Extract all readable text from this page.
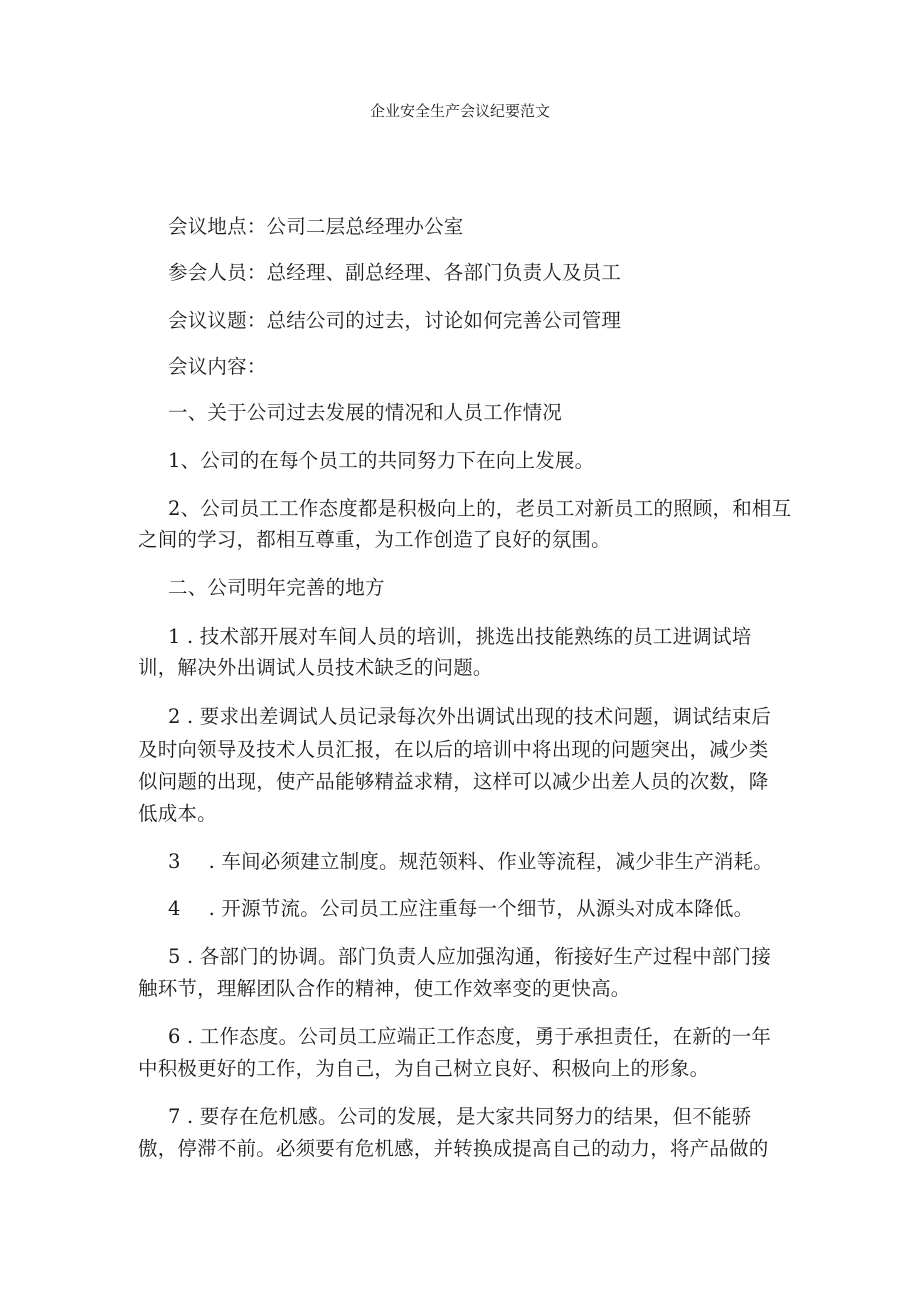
企业安全生产会议纪要范文
会议地点：公司二层总经理办公室
参会人员：总经理、副总经理、各部门负责人及员工
会议议题：总结公司的过去，讨论如何完善公司管理
会议内容：
一、关于公司过去发展的情况和人员工作情况
1、公司的在每个员工的共同努力下在向上发展。
2、公司员工工作态度都是积极向上的，老员工对新员工的照顾，和相互
之间的学习，都相互尊重，为工作创造了良好的氛围。
二、公司明年完善的地方
1 . 技术部开展对车间人员的培训，挑选出技能熟练的员工进调试培
训，解决外出调试人员技术缺乏的问题。
2 . 要求出差调试人员记录每次外出调试出现的技术问题，调试结束后
及时向领导及技术人员汇报，在以后的培训中将出现的问题突出，减少类
似问题的出现，使产品能够精益求精，这样可以减少出差人员的次数，降
低成本。
3 . 车间必须建立制度。规范领料、作业等流程，减少非生产消耗。
4 . 开源节流。公司员工应注重每一个细节，从源头对成本降低。
5 . 各部门的协调。部门负责人应加强沟通，衔接好生产过程中部门接
触环节，理解团队合作的精神，使工作效率变的更快高。
6 . 工作态度。公司员工应端正工作态度，勇于承担责任，在新的一年
中积极更好的工作，为自己，为自己树立良好、积极向上的形象。
7 . 要存在危机感。公司的发展，是大家共同努力的结果，但不能骄
傲，停滞不前。必须要有危机感，并转换成提高自己的动力，将产品做的
